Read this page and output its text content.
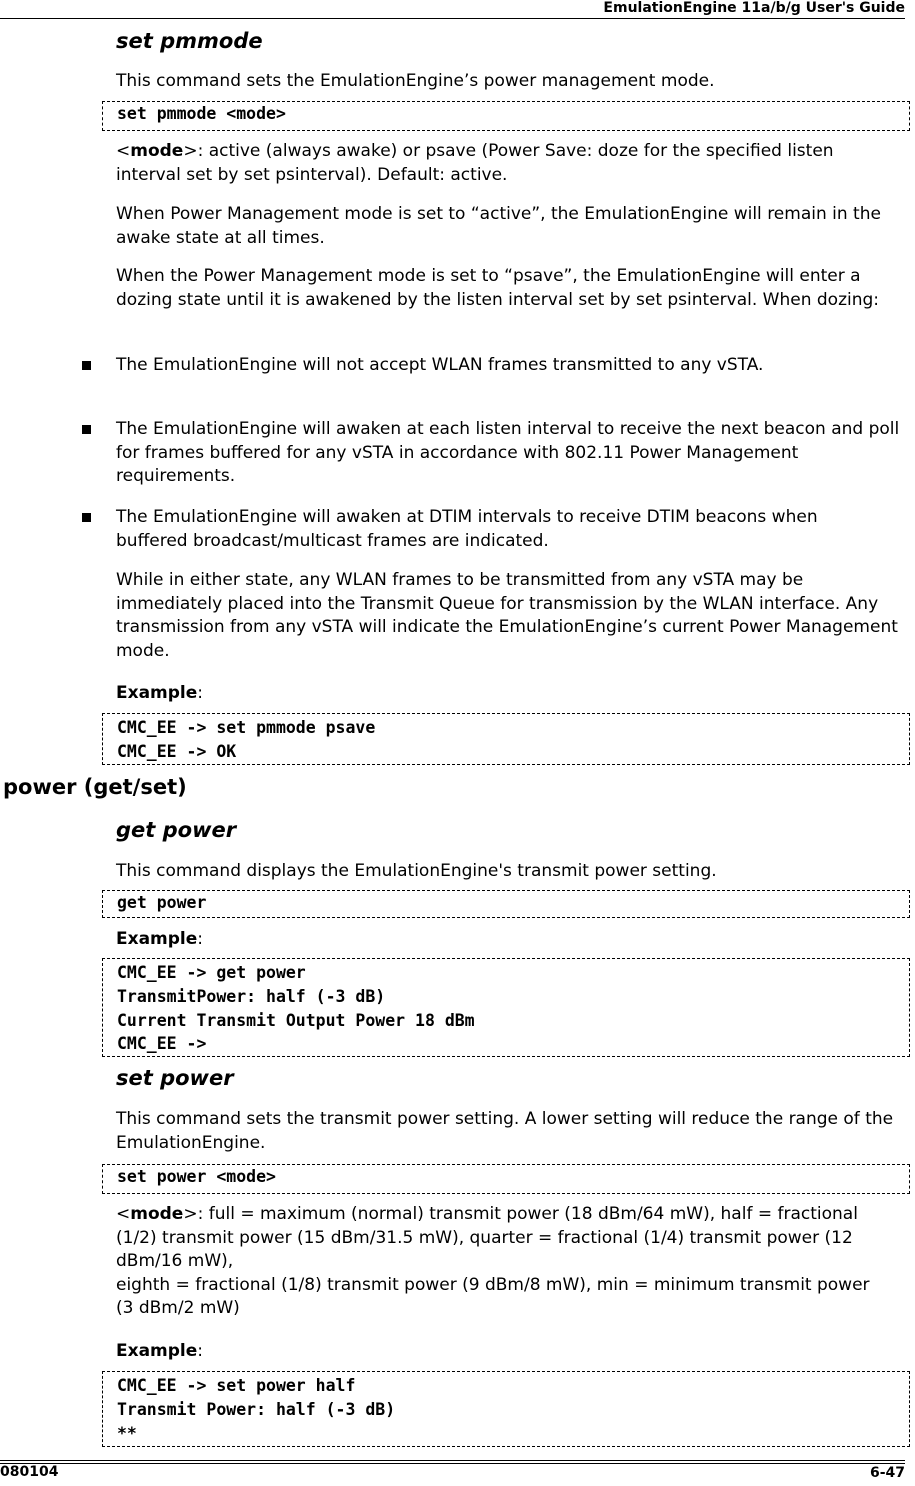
EmulationEngine 11a/b/g User's Guide
set pmmode
This command sets the EmulationEngine’s power management mode.
set pmmode <mode>
<mode>: active (always awake) or psave (Power Save: doze for the specified listen interval set by set psinterval). Default: active.
When Power Management mode is set to “active”, the EmulationEngine will remain in the awake state at all times.
When the Power Management mode is set to “psave”, the EmulationEngine will enter a dozing state until it is awakened by the listen interval set by set psinterval. When dozing:
The EmulationEngine will not accept WLAN frames transmitted to any vSTA.
The EmulationEngine will awaken at each listen interval to receive the next beacon and poll for frames buffered for any vSTA in accordance with 802.11 Power Management requirements.
The EmulationEngine will awaken at DTIM intervals to receive DTIM beacons when buffered broadcast/multicast frames are indicated.
While in either state, any WLAN frames to be transmitted from any vSTA may be immediately placed into the Transmit Queue for transmission by the WLAN interface. Any transmission from any vSTA will indicate the EmulationEngine’s current Power Management mode.
Example:
CMC_EE -> set pmmode psave
CMC_EE -> OK
power (get/set)
get power
This command displays the EmulationEngine's transmit power setting.
get power
Example:
CMC_EE -> get power
TransmitPower: half (-3 dB)
Current Transmit Output Power 18 dBm
CMC_EE ->
set power
This command sets the transmit power setting. A lower setting will reduce the range of the EmulationEngine.
set power <mode>
<mode>: full = maximum (normal) transmit power (18 dBm/64 mW), half = fractional (1/2) transmit power (15 dBm/31.5 mW), quarter = fractional (1/4) transmit power (12 dBm/16 mW),
eighth = fractional (1/8) transmit power (9 dBm/8 mW), min = minimum transmit power (3 dBm/2 mW)
Example:
CMC_EE -> set power half
Transmit Power: half (-3 dB)
**
080104	6-47
